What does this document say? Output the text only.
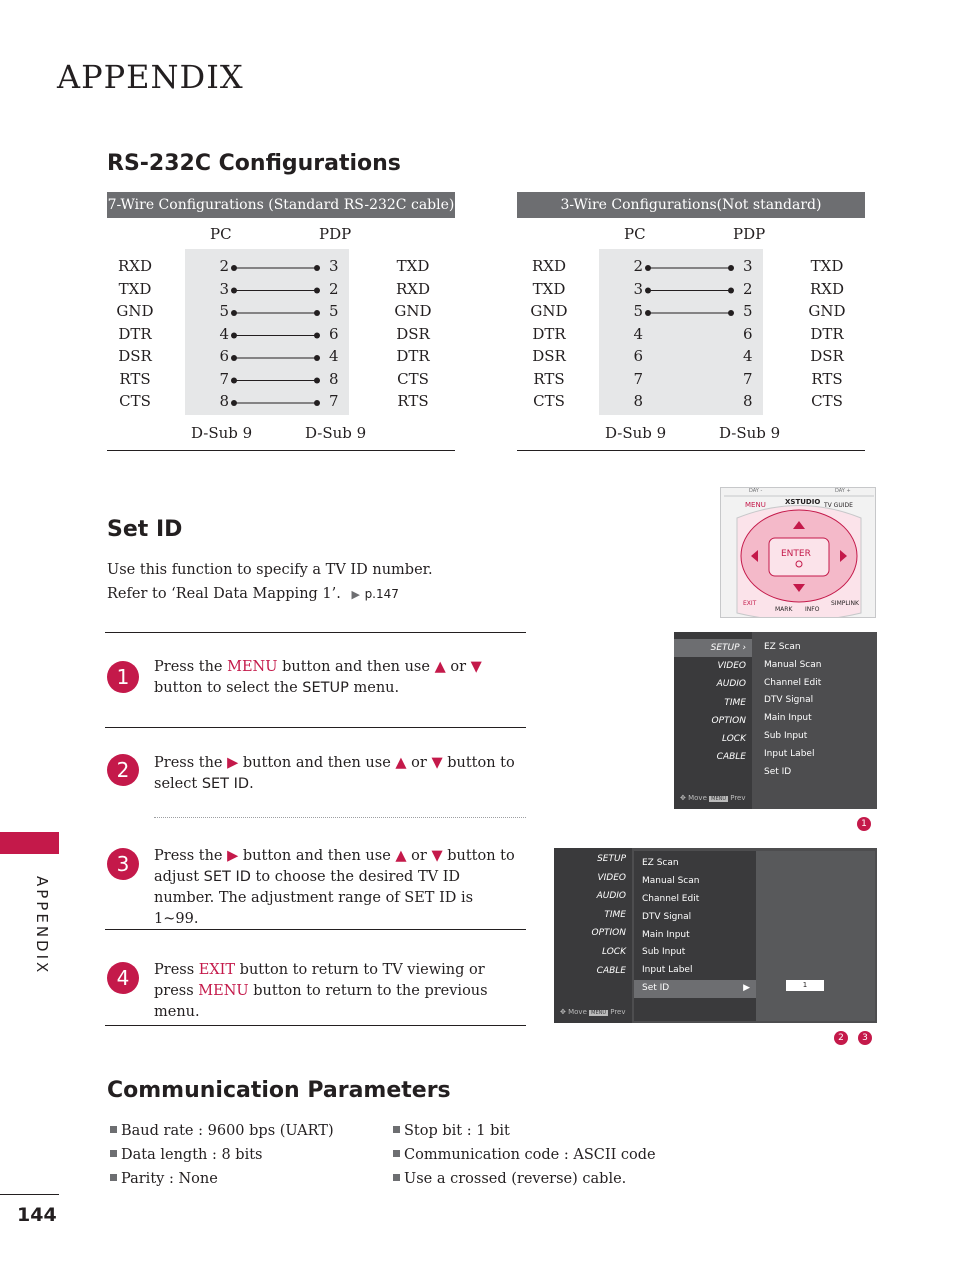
APPENDIX
APPENDIX
144
RS-232C Configurations
7-Wire Configurations (Standard RS-232C cable)
PC	PDP
RXD	2	3	TXD
TXD	3	2	RXD
GND	5	5	GND
DTR	4	6	DSR
DSR	6	4	DTR
RTS	7	8	CTS
CTS	8	7	RTS
D-Sub 9	D-Sub 9
3-Wire Configurations(Not standard)
PC	PDP
RXD	2	3	TXD
TXD	3	2	RXD
GND	5	5	GND
DTR	4	6	DTR
DSR	6	4	DSR
RTS	7	7	RTS
CTS	8	8	CTS
D-Sub 9	D-Sub 9
Set ID
Use this function to specify a TV ID number.
Refer to ‘Real Data Mapping 1’. ▶ p.147
1	Press the MENU button and then use ▲ or ▼ button to select the SETUP menu.
2	Press the ▶ button and then use ▲ or ▼ button to select SET ID.
3	Press the ▶ button and then use ▲ or ▼ button to adjust SET ID to choose the desired TV ID number. The adjustment range of SET ID is 1~99.
4	Press EXIT button to return to TV viewing or press MENU button to return to the previous menu.
MENU	XSTUDIO TV GUIDE
DAY -	DAY +
ENTER
EXIT
MARK INFO
SIMPLINK
SETUP ›
VIDEO
AUDIO
TIME
OPTION
LOCK
CABLE
✥ Move MENU Prev
EZ Scan
Manual Scan
Channel Edit
DTV Signal
Main Input
Sub Input
Input Label
Set ID
1
SETUP
VIDEO
AUDIO
TIME
OPTION
LOCK
CABLE
✥ Move MENU Prev
EZ Scan
Manual Scan
Channel Edit
DTV Signal
Main Input
Sub Input
Input Label
Set ID	▶	1
2	3
Communication Parameters
Baud rate : 9600 bps (UART)
Data length : 8 bits
Parity : None
Stop bit : 1 bit
Communication code : ASCII code
Use a crossed (reverse) cable.
